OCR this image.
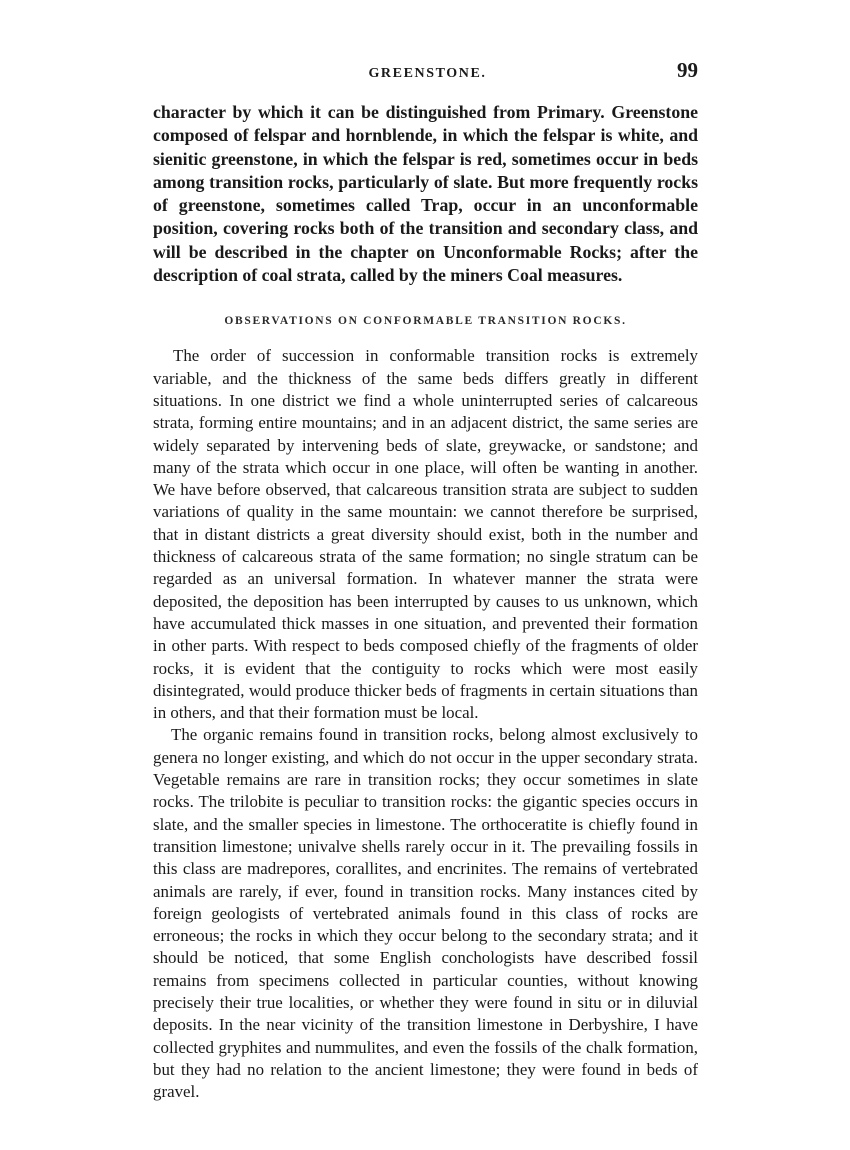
GREENSTONE.	99

character by which it can be distinguished from Primary. Greenstone composed of felspar and hornblende, in which the felspar is white, and sienitic greenstone, in which the felspar is red, sometimes occur in beds among transition rocks, particularly of slate. But more frequently rocks of greenstone, sometimes called Trap, occur in an unconformable position, covering rocks both of the transition and secondary class, and will be described in the chapter on Unconformable Rocks; after the description of coal strata, called by the miners Coal measures.

OBSERVATIONS ON CONFORMABLE TRANSITION ROCKS.

The order of succession in conformable transition rocks is extremely variable, and the thickness of the same beds differs greatly in different situations. In one district we find a whole uninterrupted series of calcareous strata, forming entire mountains; and in an adjacent district, the same series are widely separated by intervening beds of slate, greywacke, or sandstone; and many of the strata which occur in one place, will often be wanting in another. We have before observed, that calcareous transition strata are subject to sudden variations of quality in the same mountain: we cannot therefore be surprised, that in distant districts a great diversity should exist, both in the number and thickness of calcareous strata of the same formation; no single stratum can be regarded as an universal formation. In whatever manner the strata were deposited, the deposition has been interrupted by causes to us unknown, which have accumulated thick masses in one situation, and prevented their formation in other parts. With respect to beds composed chiefly of the fragments of older rocks, it is evident that the contiguity to rocks which were most easily disintegrated, would produce thicker beds of fragments in certain situations than in others, and that their formation must be local.

The organic remains found in transition rocks, belong almost exclusively to genera no longer existing, and which do not occur in the upper secondary strata. Vegetable remains are rare in transition rocks; they occur sometimes in slate rocks. The trilobite is peculiar to transition rocks: the gigantic species occurs in slate, and the smaller species in limestone. The orthoceratite is chiefly found in transition limestone; univalve shells rarely occur in it. The prevailing fossils in this class are madrepores, corallites, and encrinites. The remains of vertebrated animals are rarely, if ever, found in transition rocks. Many instances cited by foreign geologists of vertebrated animals found in this class of rocks are erroneous; the rocks in which they occur belong to the secondary strata; and it should be noticed, that some English conchologists have described fossil remains from specimens collected in particular counties, without knowing precisely their true localities, or whether they were found in situ or in diluvial deposits. In the near vicinity of the transition limestone in Derbyshire, I have collected gryphites and nummulites, and even the fossils of the chalk formation, but they had no relation to the ancient limestone; they were found in beds of gravel.
